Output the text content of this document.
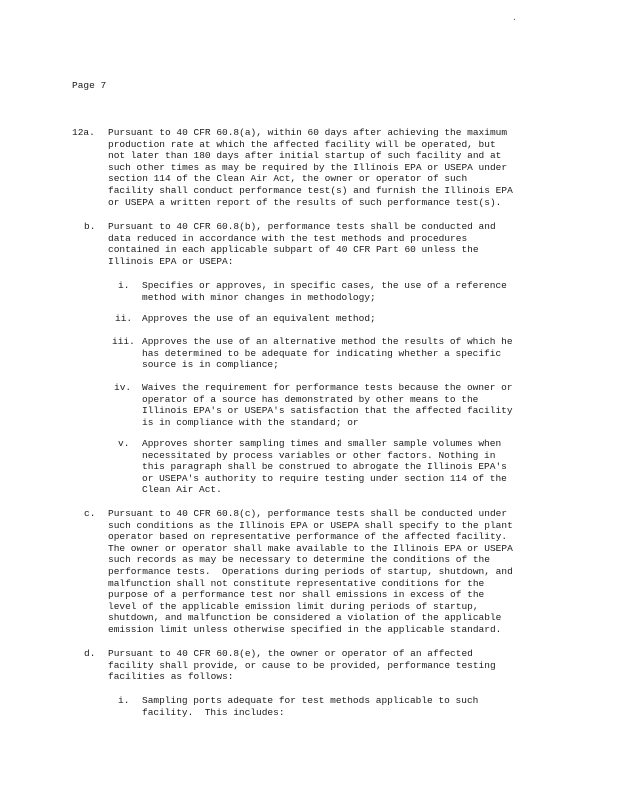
.
Page 7
12a. Pursuant to 40 CFR 60.8(a), within 60 days after achieving the maximum
production rate at which the affected facility will be operated, but
not later than 180 days after initial startup of such facility and at
such other times as may be required by the Illinois EPA or USEPA under
section 114 of the Clean Air Act, the owner or operator of such
facility shall conduct performance test(s) and furnish the Illinois EPA
or USEPA a written report of the results of such performance test(s).
b. Pursuant to 40 CFR 60.8(b), performance tests shall be conducted and
data reduced in accordance with the test methods and procedures
contained in each applicable subpart of 40 CFR Part 60 unless the
Illinois EPA or USEPA:
i. Specifies or approves, in specific cases, the use of a reference
method with minor changes in methodology;
ii. Approves the use of an equivalent method;
iii. Approves the use of an alternative method the results of which he
has determined to be adequate for indicating whether a specific
source is in compliance;
iv. Waives the requirement for performance tests because the owner or
operator of a source has demonstrated by other means to the
Illinois EPA's or USEPA's satisfaction that the affected facility
is in compliance with the standard; or
v. Approves shorter sampling times and smaller sample volumes when
necessitated by process variables or other factors. Nothing in
this paragraph shall be construed to abrogate the Illinois EPA's
or USEPA's authority to require testing under section 114 of the
Clean Air Act.
c. Pursuant to 40 CFR 60.8(c), performance tests shall be conducted under
such conditions as the Illinois EPA or USEPA shall specify to the plant
operator based on representative performance of the affected facility.
The owner or operator shall make available to the Illinois EPA or USEPA
such records as may be necessary to determine the conditions of the
performance tests.  Operations during periods of startup, shutdown, and
malfunction shall not constitute representative conditions for the
purpose of a performance test nor shall emissions in excess of the
level of the applicable emission limit during periods of startup,
shutdown, and malfunction be considered a violation of the applicable
emission limit unless otherwise specified in the applicable standard.
d. Pursuant to 40 CFR 60.8(e), the owner or operator of an affected
facility shall provide, or cause to be provided, performance testing
facilities as follows:
i. Sampling ports adequate for test methods applicable to such
facility.  This includes:
